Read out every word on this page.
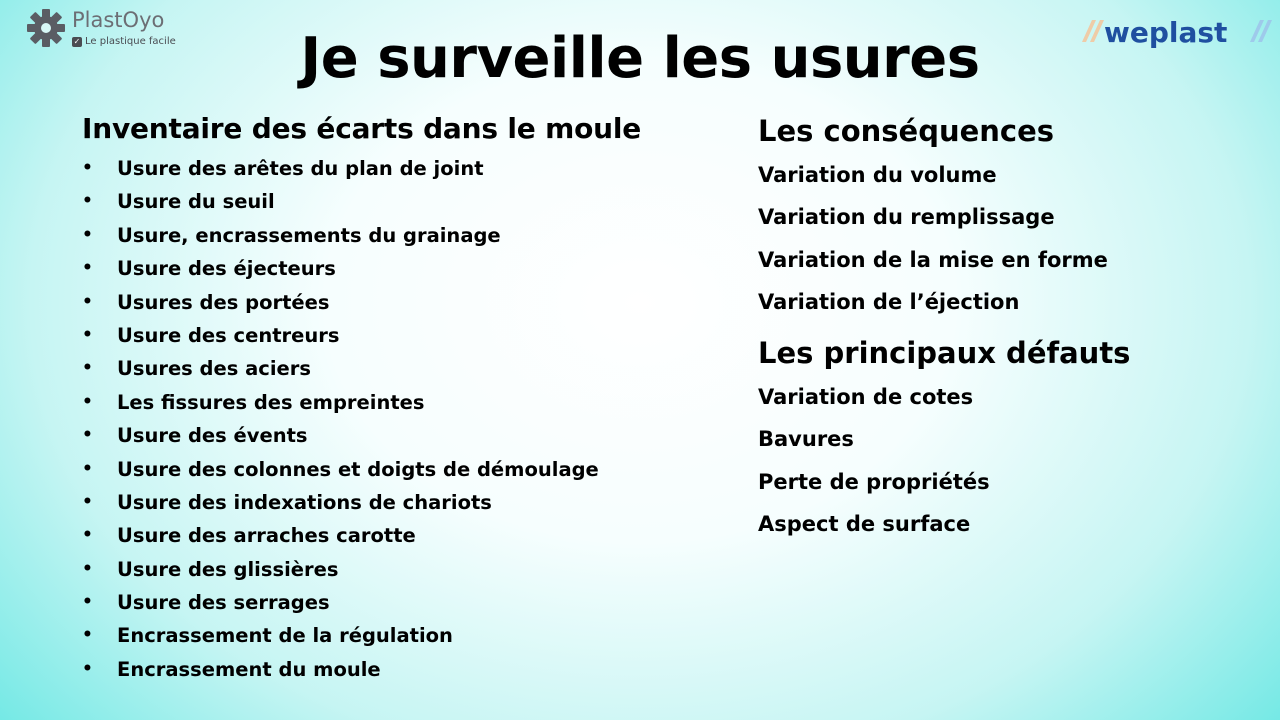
PlastOyo
✓ Le plastique facile	weplast
Je surveille les usures
Inventaire des écarts dans le moule
• Usure des arêtes du plan de joint
• Usure du seuil
• Usure, encrassements du grainage
• Usure des éjecteurs
• Usures des portées
• Usure des centreurs
• Usures des aciers
• Les fissures des empreintes
• Usure des évents
• Usure des colonnes et doigts de démoulage
• Usure des indexations de chariots
• Usure des arraches carotte
• Usure des glissières
• Usure des serrages
• Encrassement de la régulation
• Encrassement du moule
Les conséquences
Variation du volume
Variation du remplissage
Variation de la mise en forme
Variation de l’éjection
Les principaux défauts
Variation de cotes
Bavures
Perte de propriétés
Aspect de surface
